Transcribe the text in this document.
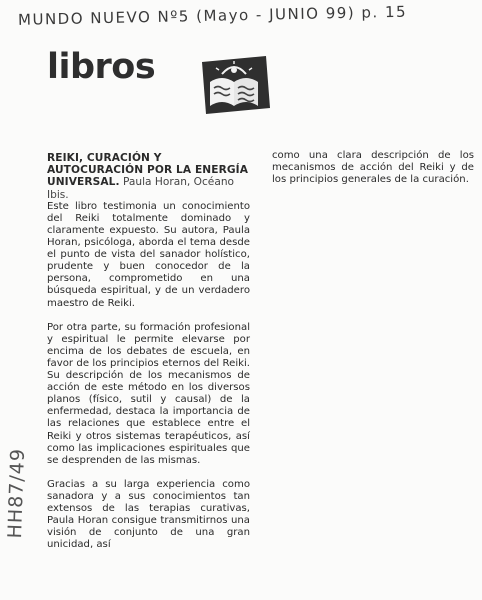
MUNDO NUEVO Nº5 (Mayo - JUNIO 99) p. 15
libros
HH87/49

REIKI, CURACIÓN Y AUTOCURACIÓN POR LA ENERGÍA UNIVERSAL. Paula Horan, Océano Ibis.

Este libro testimonia un conocimiento del Reiki totalmente dominado y claramente expuesto. Su autora, Paula Horan, psicóloga, aborda el tema desde el punto de vista del sanador holístico, prudente y buen conocedor de la persona, comprometido en una búsqueda espiritual, y de un verdadero maestro de Reiki.

Por otra parte, su formación profesional y espiritual le permite elevarse por encima de los debates de escuela, en favor de los principios eternos del Reiki. Su descripción de los mecanismos de acción de este método en los diversos planos (físico, sutil y causal) de la enfermedad, destaca la importancia de las relaciones que establece entre el Reiki y otros sistemas terapéuticos, así como las implicaciones espirituales que se desprenden de las mismas.

Gracias a su larga experiencia como sanadora y a sus conocimientos tan extensos de las terapias curativas, Paula Horan consigue transmitirnos una visión de conjunto de una gran unicidad, así

como una clara descripción de los mecanismos de acción del Reiki y de los principios generales de la curación.
